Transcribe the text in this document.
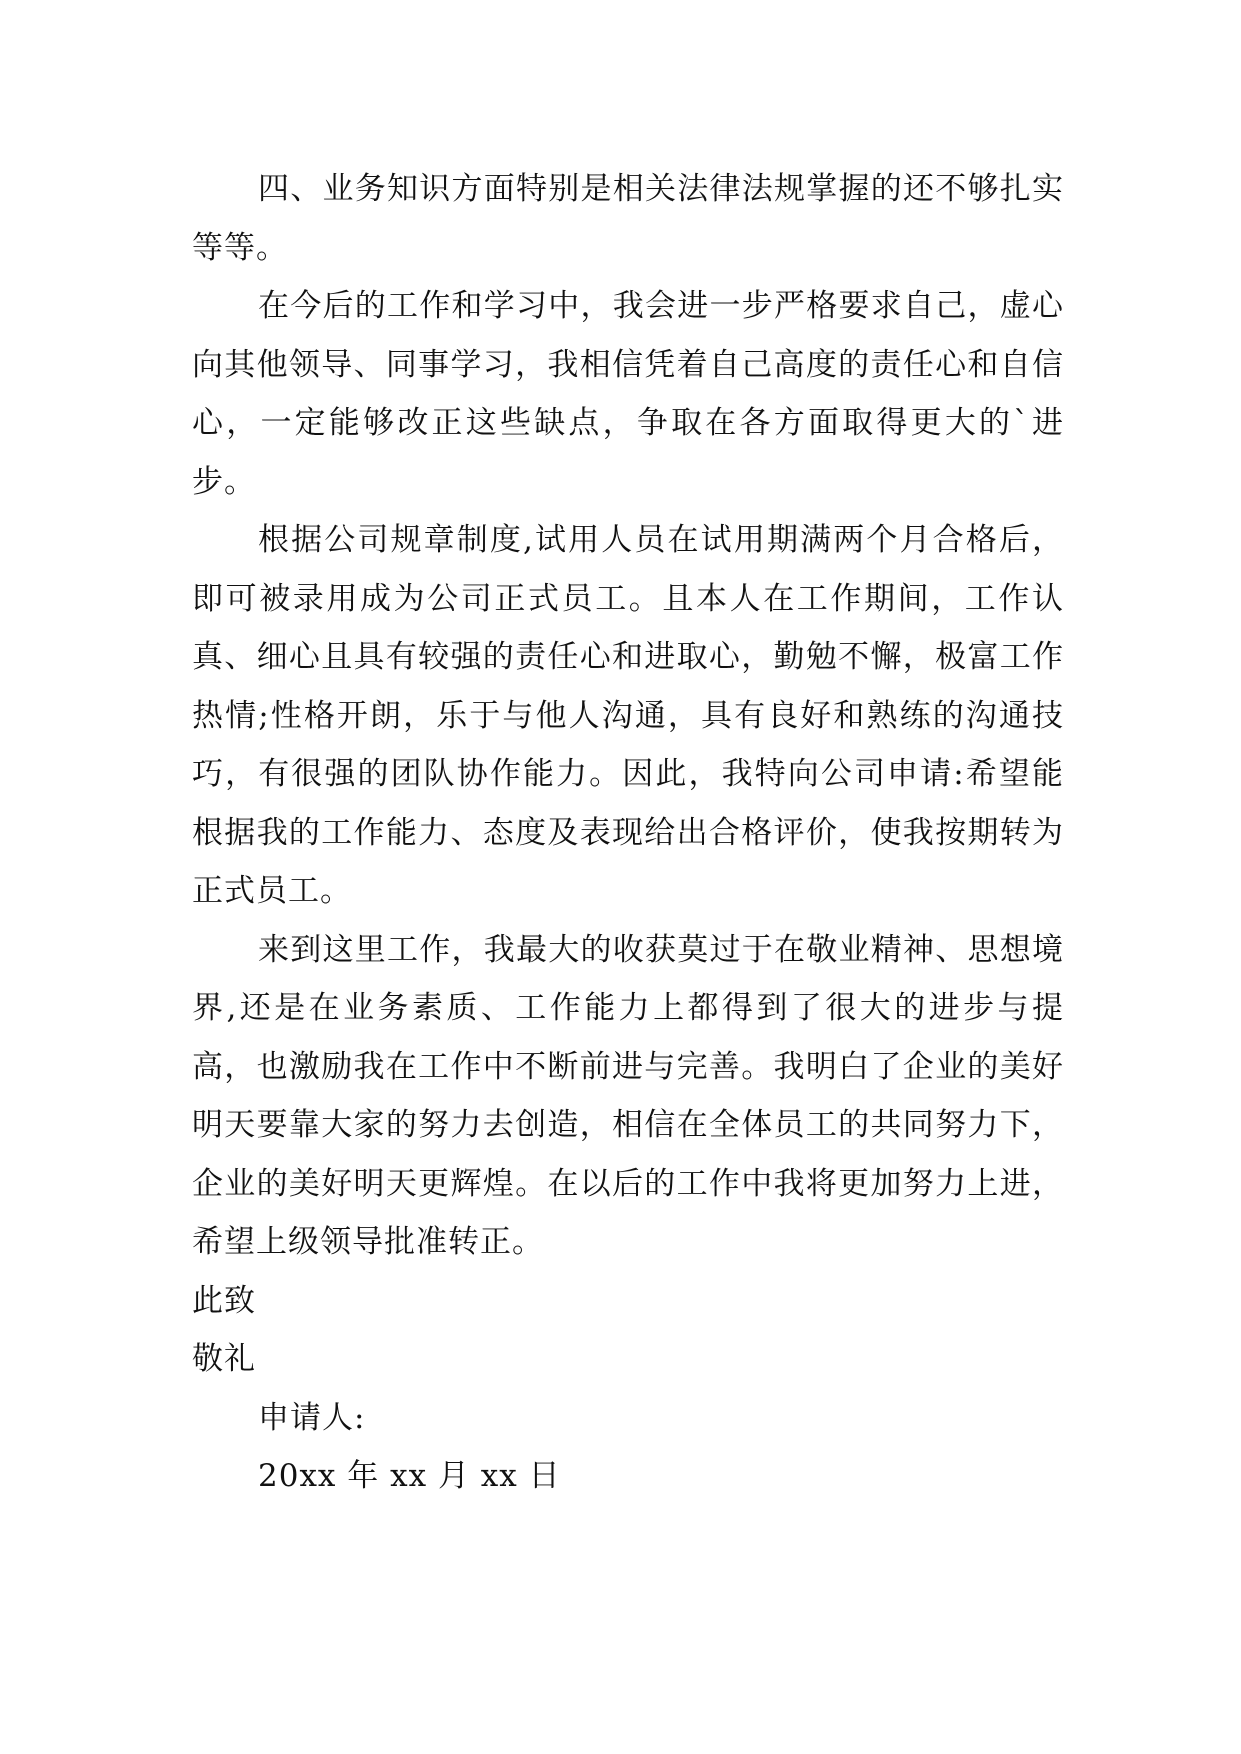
四、业务知识方面特别是相关法律法规掌握的还不够扎实等等。

在今后的工作和学习中，我会进一步严格要求自己，虚心向其他领导、同事学习，我相信凭着自己高度的责任心和自信心，一定能够改正这些缺点，争取在各方面取得更大的`进步。

根据公司规章制度,试用人员在试用期满两个月合格后，即可被录用成为公司正式员工。且本人在工作期间，工作认真、细心且具有较强的责任心和进取心，勤勉不懈，极富工作热情;性格开朗，乐于与他人沟通，具有良好和熟练的沟通技巧，有很强的团队协作能力。因此，我特向公司申请:希望能根据我的工作能力、态度及表现给出合格评价，使我按期转为正式员工。

来到这里工作，我最大的收获莫过于在敬业精神、思想境界,还是在业务素质、工作能力上都得到了很大的进步与提高，也激励我在工作中不断前进与完善。我明白了企业的美好明天要靠大家的努力去创造，相信在全体员工的共同努力下，企业的美好明天更辉煌。在以后的工作中我将更加努力上进，希望上级领导批准转正。

此致

敬礼

申请人:

20xx 年 xx 月 xx 日
